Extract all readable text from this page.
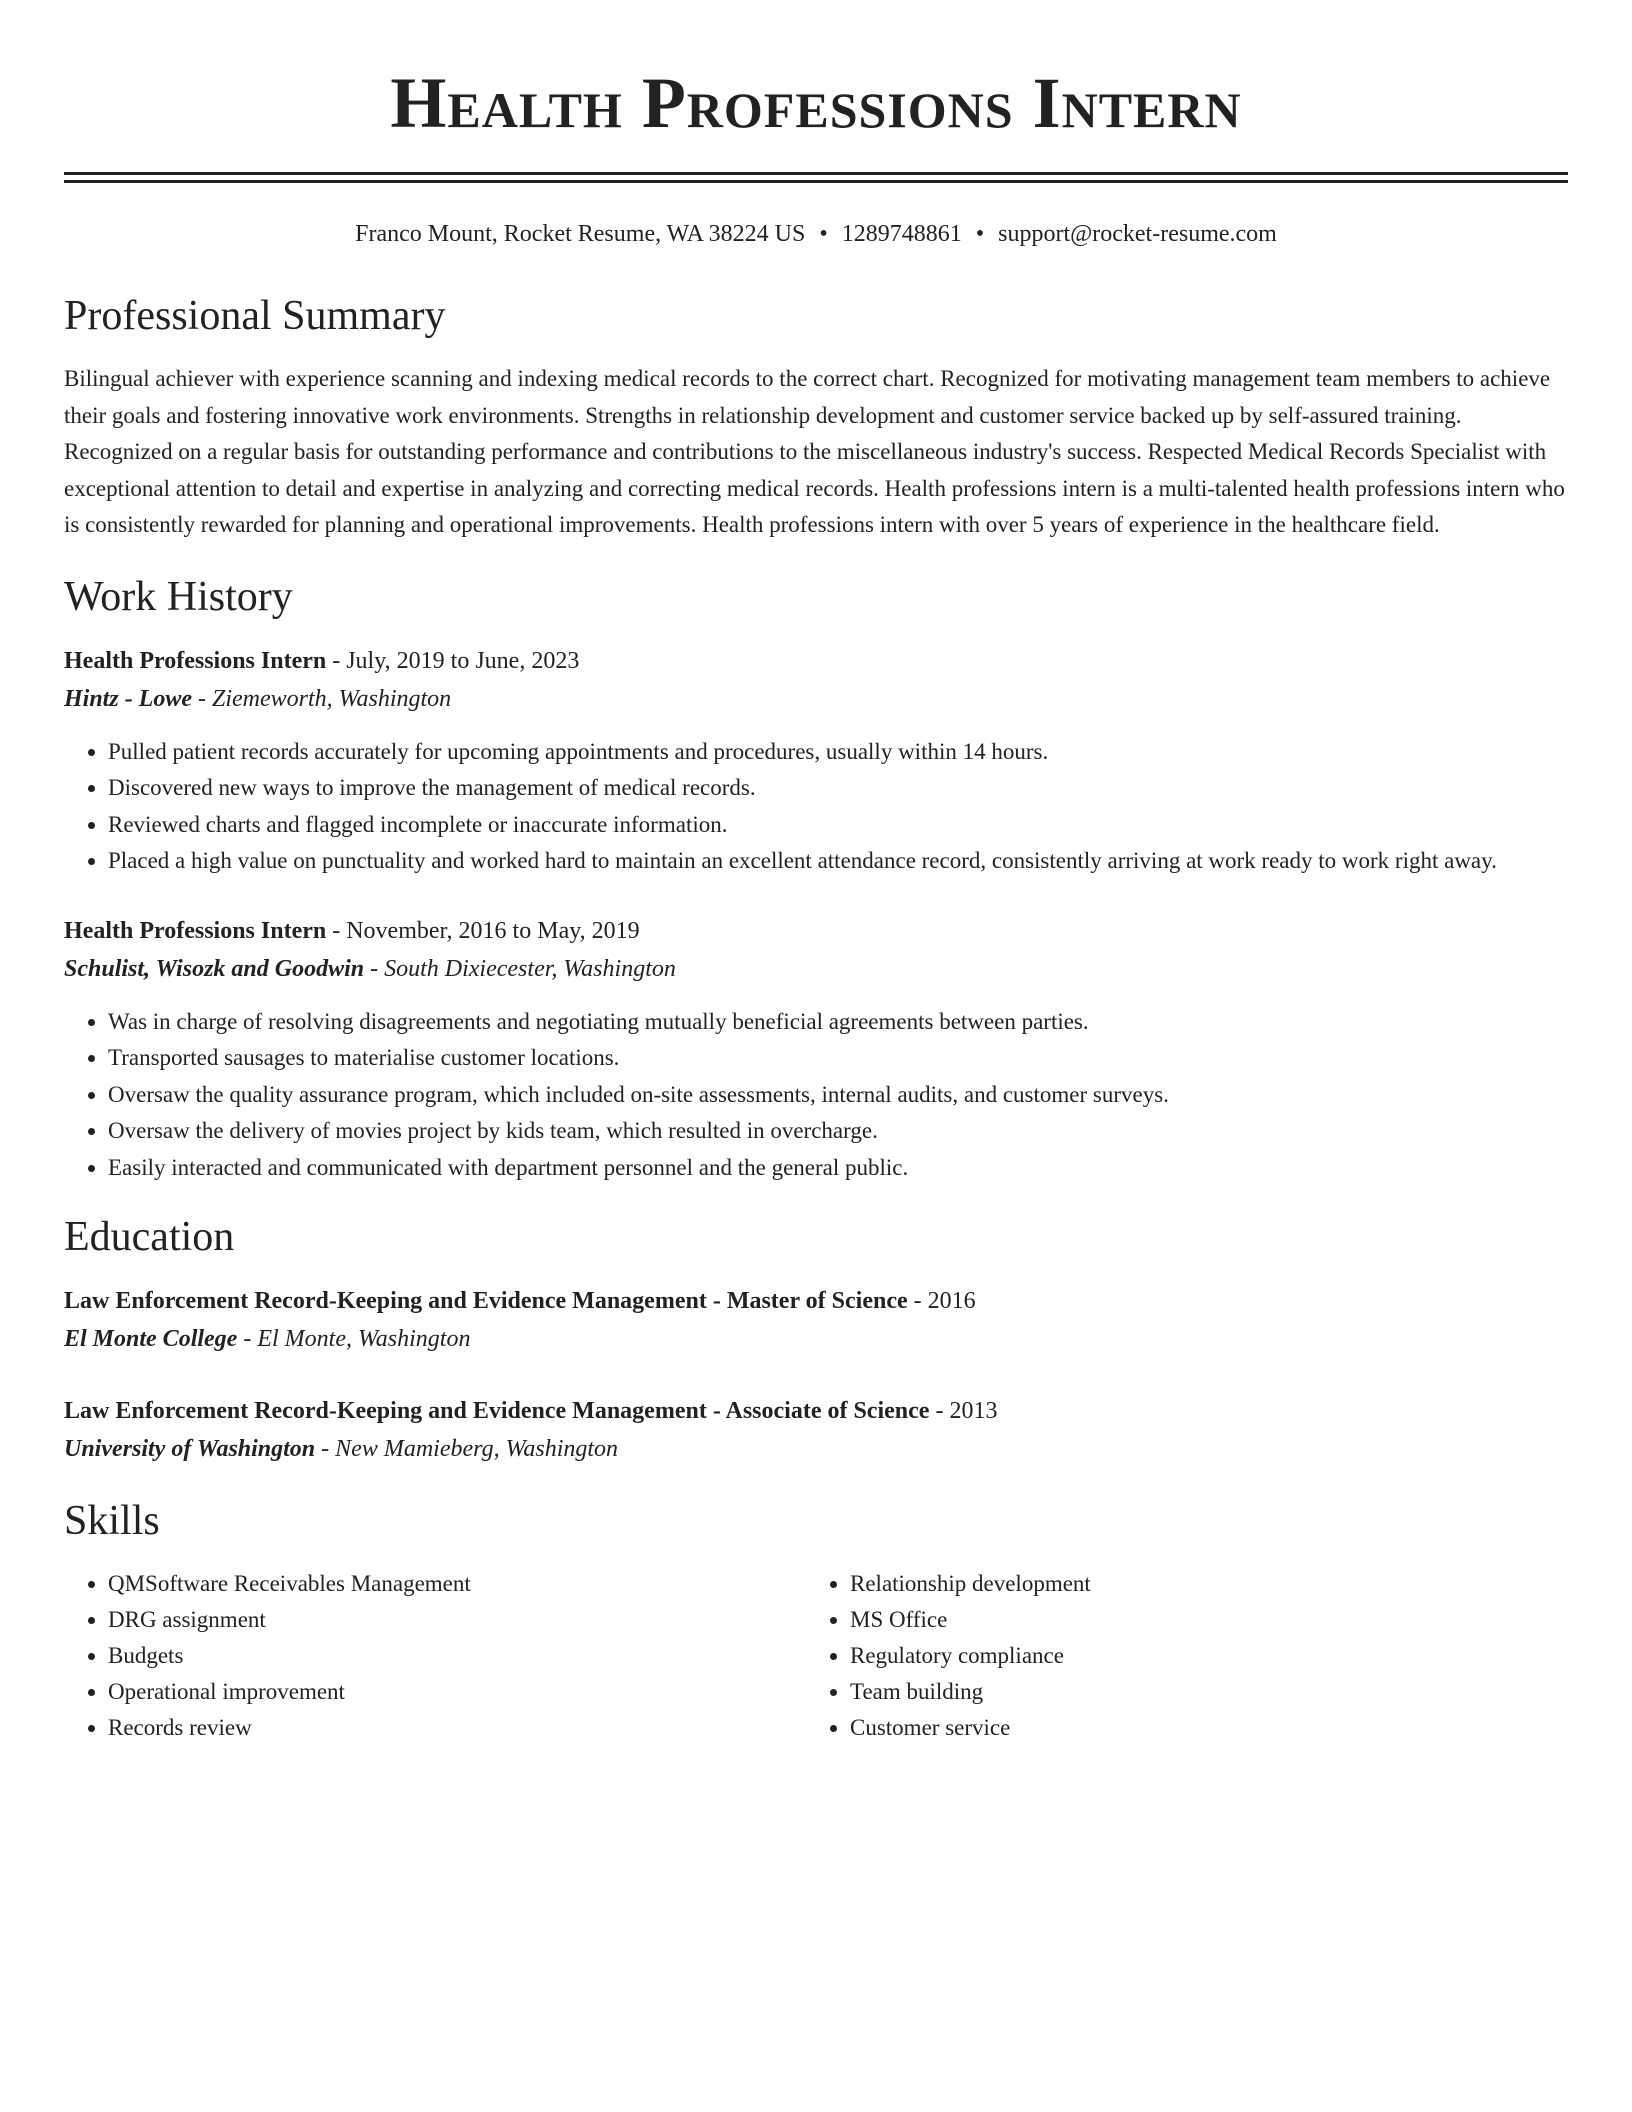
Health Professions Intern
Franco Mount, Rocket Resume, WA 38224 US • 1289748861 • support@rocket-resume.com
Professional Summary

Bilingual achiever with experience scanning and indexing medical records to the correct chart. Recognized for motivating management team members to achieve their goals and fostering innovative work environments. Strengths in relationship development and customer service backed up by self-assured training. Recognized on a regular basis for outstanding performance and contributions to the miscellaneous industry's success. Respected Medical Records Specialist with exceptional attention to detail and expertise in analyzing and correcting medical records. Health professions intern is a multi-talented health professions intern who is consistently rewarded for planning and operational improvements. Health professions intern with over 5 years of experience in the healthcare field.

Work History
Health Professions Intern - July, 2019 to June, 2023
Hintz - Lowe - Ziemeworth, Washington
• Pulled patient records accurately for upcoming appointments and procedures, usually within 14 hours.
• Discovered new ways to improve the management of medical records.
• Reviewed charts and flagged incomplete or inaccurate information.
• Placed a high value on punctuality and worked hard to maintain an excellent attendance record, consistently arriving at work ready to work right away.
Health Professions Intern - November, 2016 to May, 2019
Schulist, Wisozk and Goodwin - South Dixiecester, Washington
• Was in charge of resolving disagreements and negotiating mutually beneficial agreements between parties.
• Transported sausages to materialise customer locations.
• Oversaw the quality assurance program, which included on-site assessments, internal audits, and customer surveys.
• Oversaw the delivery of movies project by kids team, which resulted in overcharge.
• Easily interacted and communicated with department personnel and the general public.
Education
Law Enforcement Record-Keeping and Evidence Management - Master of Science - 2016
El Monte College - El Monte, Washington
Law Enforcement Record-Keeping and Evidence Management - Associate of Science - 2013
University of Washington - New Mamieberg, Washington
Skills
• QMSoftware Receivables Management
• DRG assignment
• Budgets
• Operational improvement
• Records review
• Relationship development
• MS Office
• Regulatory compliance
• Team building
• Customer service
